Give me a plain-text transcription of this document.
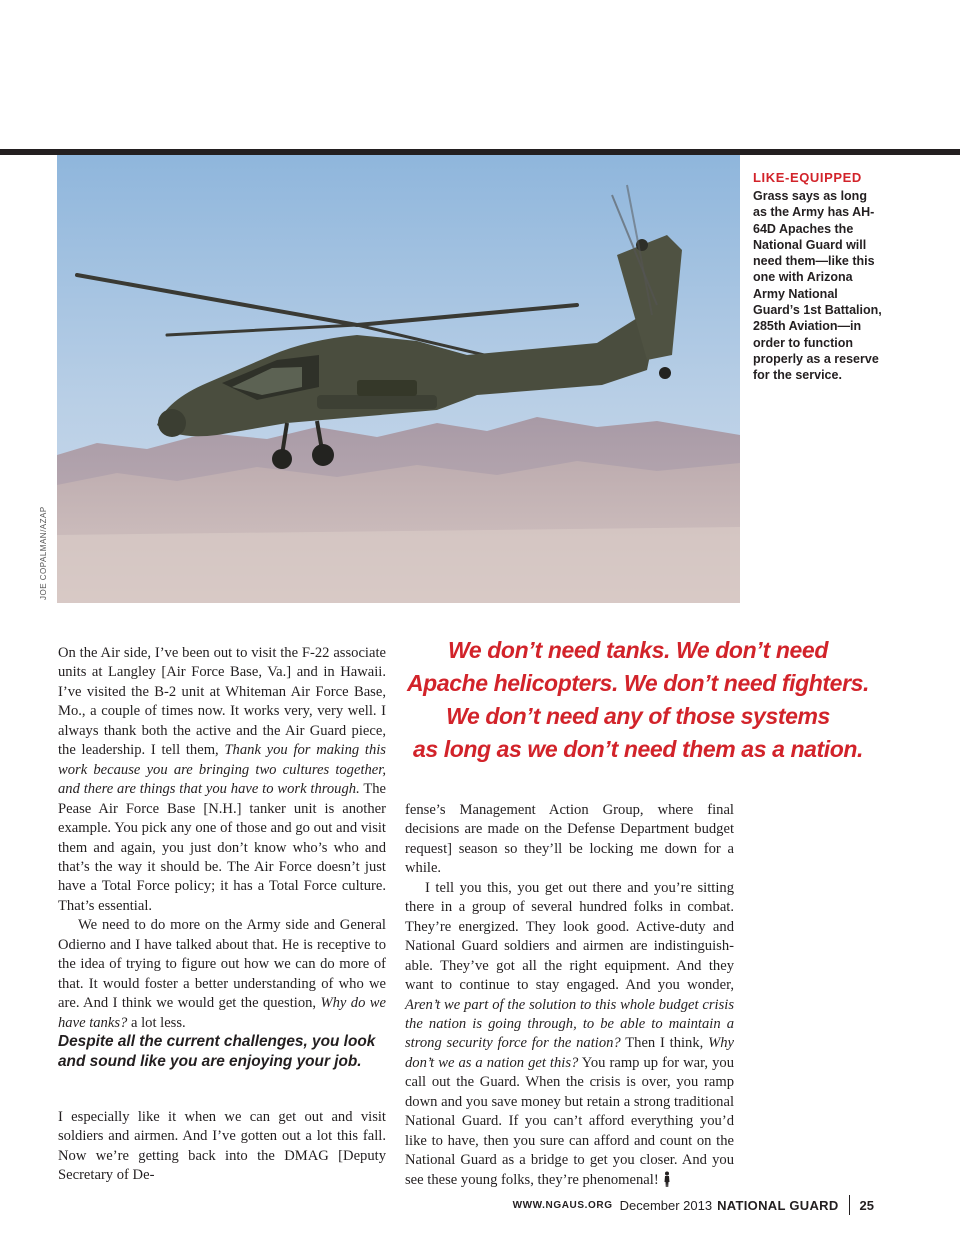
JOE COPALMAN/AZAP
LIKE-EQUIPPED
Grass says as long as the Army has AH-64D Apaches the National Guard will need them—like this one with Arizona Army National Guard’s 1st Battalion, 285th Aviation—in order to function properly as a reserve for the service.

On the Air side, I’ve been out to visit the F-22 associate units at Langley [Air Force Base, Va.] and in Hawaii. I’ve visited the B-2 unit at Whiteman Air Force Base, Mo., a couple of times now. It works very, very well. I always thank both the active and the Air Guard piece, the leadership. I tell them, Thank you for making this work because you are bringing two cultures together, and there are things that you have to work through. The Pease Air Force Base [N.H.] tanker unit is another example. You pick any one of those and go out and visit them and again, you just don’t know who’s who and that’s the way it should be. The Air Force doesn’t just have a Total Force policy; it has a Total Force culture. That’s essential.

We need to do more on the Army side and General Odierno and I have talked about that. He is receptive to the idea of trying to figure out how we can do more of that. It would foster a better understanding of who we are. And I think we would get the question, Why do we have tanks? a lot less.

Despite all the current challenges, you look and sound like you are enjoying your job.

I especially like it when we can get out and visit soldiers and airmen. And I’ve gotten out a lot this fall. Now we’re getting back into the DMAG [Deputy Secretary of De-

We don’t need tanks. We don’t need
Apache helicopters. We don’t need fighters.
We don’t need any of those systems
as long as we don’t need them as a nation.

fense’s Management Action Group, where final decisions are made on the Defense Department budget request] season so they’ll be locking me down for a while.

I tell you this, you get out there and you’re sitting there in a group of several hundred folks in combat. They’re energized. They look good. Active-duty and National Guard soldiers and airmen are indistinguishable. They’ve got all the right equipment. And they want to continue to stay engaged. And you wonder, Aren’t we part of the solution to this whole budget crisis the nation is going through, to be able to maintain a strong security force for the nation? Then I think, Why don’t we as a nation get this? You ramp up for war, you call out the Guard. When the crisis is over, you ramp down and you save money but retain a strong traditional National Guard. If you can’t afford everything you’d like to have, then you sure can afford and count on the National Guard as a bridge to get you closer. And you see these young folks, they’re phenomenal!

WWW.NGAUS.ORG December 2013 NATIONAL GUARD 25
